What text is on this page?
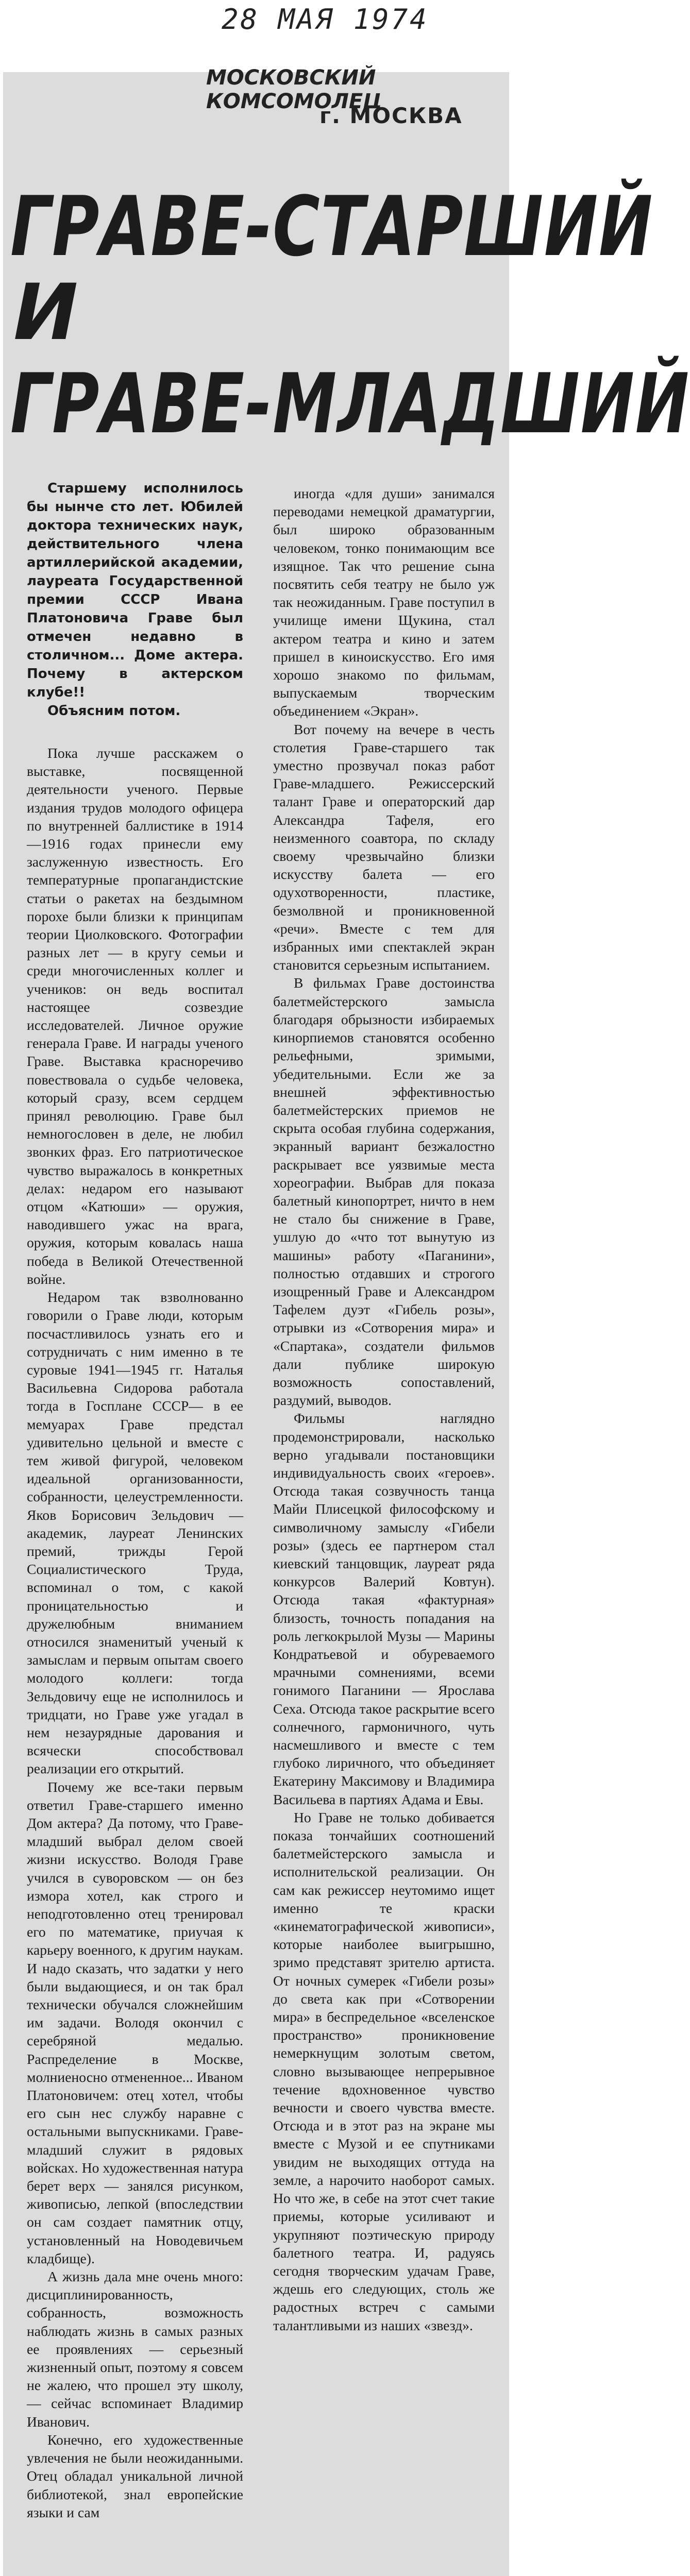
28 МАЯ 1974
МОСКОВСКИЙ КОМСОМОЛЕЦ
г. МОСКВА
ГРАВЕ-СТАРШИЙ
И
ГРАВЕ-МЛАДШИЙ

Старшему исполнилось бы нынче сто лет. Юбилей доктора технических наук, действительного члена артиллерийской академии, лауреата Государственной премии СССР Ивана Платоновича Граве был отмечен недавно в столичном... Доме актера. Почему в актерском клубе!!

Объясним потом.

Пока лучше расскажем о выставке, посвященной деятельности ученого. Первые издания трудов молодого офицера по внутренней баллистике в 1914—1916 годах принесли ему заслуженную известность. Его температурные пропагандистские статьи о ракетах на бездымном порохе были близки к принципам теории Циолковского. Фотографии разных лет — в кругу семьи и среди многочисленных коллег и учеников: он ведь воспитал настоящее созвездие исследователей. Личное оружие генерала Граве. И награды ученого Граве. Выставка красноречиво повествовала о судьбе человека, который сразу, всем сердцем принял революцию. Граве был немногословен в деле, не любил звонких фраз. Его патриотическое чувство выражалось в конкретных делах: недаром его называют отцом «Катюши» — оружия, наводившего ужас на врага, оружия, которым ковалась наша победа в Великой Отечественной войне.

Недаром так взволнованно говорили о Граве люди, которым посчастливилось узнать его и сотрудничать с ним именно в те суровые 1941—1945 гг. Наталья Васильевна Сидорова работала тогда в Госплане СССР— в ее мемуарах Граве предстал удивительно цельной и вместе с тем живой фигурой, человеком идеальной организованности, собранности, целеустремленности. Яков Борисович Зельдович — академик, лауреат Ленинских премий, трижды Герой Социалистического Труда, вспоминал о том, с какой проницательностью и дружелюбным вниманием относился знаменитый ученый к замыслам и первым опытам своего молодого коллеги: тогда Зельдовичу еще не исполнилось и тридцати, но Граве уже угадал в нем незаурядные дарования и всячески способствовал реализации его открытий.

Почему же все-таки первым ответил Граве-старшего именно Дом актера? Да потому, что Граве-младший выбрал делом своей жизни искусство. Володя Граве учился в суворовском — он без измора хотел, как строго и неподготовленно отец тренировал его по математике, приучая к карьеру военного, к другим наукам. И надо сказать, что задатки у него были выдающиеся, и он так брал технически обучался сложнейшим им задачи. Володя окончил с серебряной медалью. Распределение в Москве, молниеносно отмененное... Иваном Платоновичем: отец хотел, чтобы его сын нес службу наравне с остальными выпускниками. Граве-младший служит в рядовых войсках. Но художественная натура берет верх — занялся рисунком, живописью, лепкой (впоследствии он сам создает памятник отцу, установленный на Новодевичьем кладбище).

А жизнь дала мне очень много: дисциплинированность, собранность, возможность наблюдать жизнь в самых разных ее проявлениях — серьезный жизненный опыт, поэтому я совсем не жалею, что прошел эту школу, — сейчас вспоминает Владимир Иванович.

Конечно, его художественные увлечения не были неожиданными. Отец обладал уникальной личной библиотекой, знал европейские языки и сам

иногда «для души» занимался переводами немецкой драматургии, был широко образованным человеком, тонко понимающим все изящное. Так что решение сына посвятить себя театру не было уж так неожиданным. Граве поступил в училище имени Щукина, стал актером театра и кино и затем пришел в киноискусство. Его имя хорошо знакомо по фильмам, выпускаемым творческим объединением «Экран».

Вот почему на вечере в честь столетия Граве-старшего так уместно прозвучал показ работ Граве-младшего. Режиссерский талант Граве и операторский дар Александра Тафеля, его неизменного соавтора, по складу своему чрезвычайно близки искусству балета — его одухотворенности, пластике, безмолвной и проникновенной «речи». Вместе с тем для избранных ими спектаклей экран становится серьезным испытанием.

В фильмах Граве достоинства балетмейстерского замысла благодаря обрызности избираемых кинорпиемов становятся особенно рельефными, зримыми, убедительными. Если же за внешней эффективностью балетмейстерских приемов не скрыта особая глубина содержания, экранный вариант безжалостно раскрывает все уязвимые места хореографии. Выбрав для показа балетный кинопортрет, ничто в нем не стало бы снижение в Граве, ушлую до «что тот вынутую из машины» работу «Паганини», полностью отдавших и строгого изощренный Граве и Александром Тафелем дуэт «Гибель розы», отрывки из «Сотворения мира» и «Спартака», создатели фильмов дали публике широкую возможность сопоставлений, раздумий, выводов.

Фильмы наглядно продемонстрировали, насколько верно угадывали постановщики индивидуальность своих «героев». Отсюда такая созвучность танца Майи Плисецкой философскому и символичному замыслу «Гибели розы» (здесь ее партнером стал киевский танцовщик, лауреат ряда конкурсов Валерий Ковтун). Отсюда такая «фактурная» близость, точность попадания на роль легкокрылой Музы — Марины Кондратьевой и обуреваемого мрачными сомнениями, всеми гонимого Паганини — Ярослава Сеха. Отсюда такое раскрытие всего солнечного, гармоничного, чуть насмешливого и вместе с тем глубоко лиричного, что объединяет Екатерину Максимову и Владимира Васильева в партиях Адама и Евы.

Но Граве не только добивается показа тончайших соотношений балетмейстерского замысла и исполнительской реализации. Он сам как режиссер неутомимо ищет именно те краски «кинематографической живописи», которые наиболее выигрышно, зримо представят зрителю артиста. От ночных сумерек «Гибели розы» до света как при «Сотворении мира» в беспредельное «вселенское пространство» проникновение немеркнущим золотым светом, словно вызывающее непрерывное течение вдохновенное чувство вечности и своего чувства вместе. Отсюда и в этот раз на экране мы вместе с Музой и ее спутниками увидим не выходящих оттуда на земле, а нарочито наоборот самых. Но что же, в себе на этот счет такие приемы, которые усиливают и укрупняют поэтическую природу балетного театра. И, радуясь сегодня творческим удачам Граве, ждешь его следующих, столь же радостных встреч с самыми талантливыми из наших «звезд».
